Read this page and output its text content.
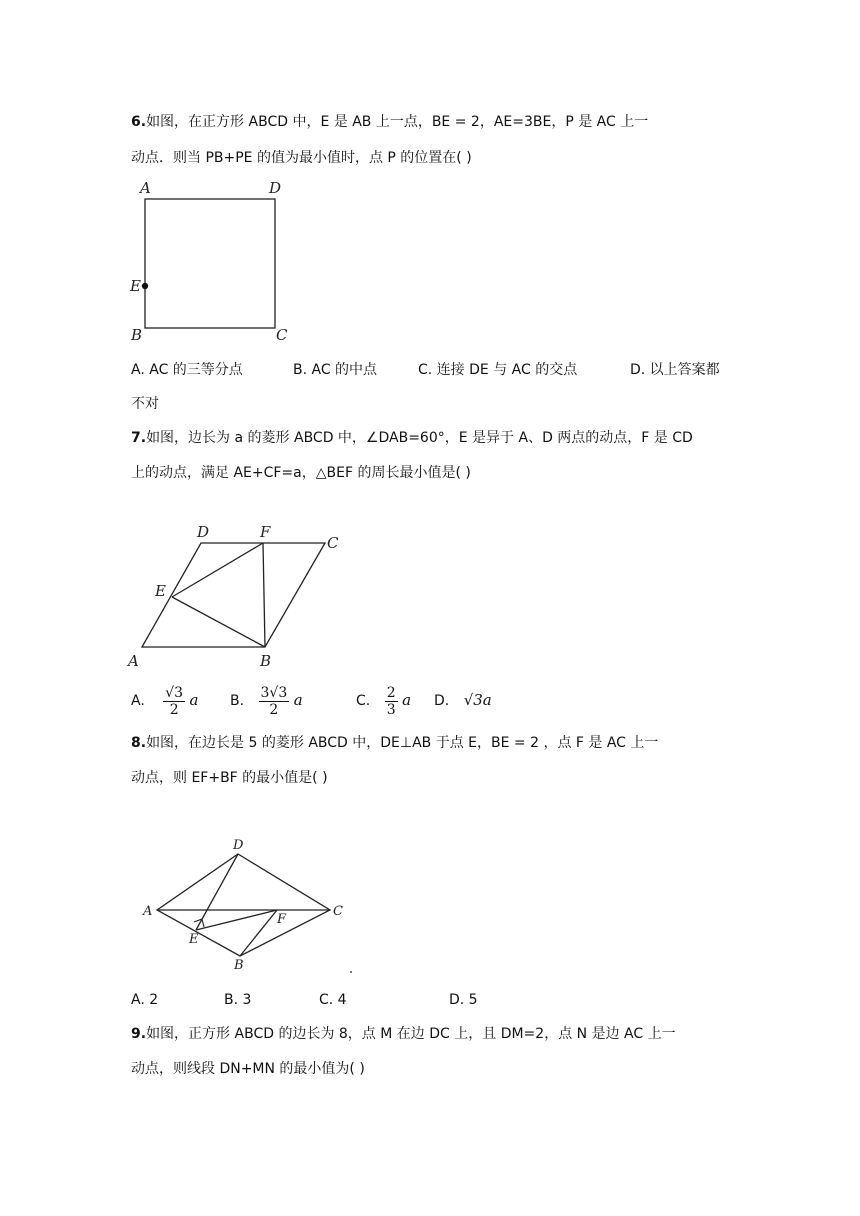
6.如图，在正方形 ABCD 中，E 是 AB 上一点，BE = 2，AE=3BE，P 是 AC 上一
动点．则当 PB+PE 的值为最小值时，点 P 的位置在( )
A	D
E
B	C
A. AC 的三等分点	B. AC 的中点	C. 连接 DE 与 AC 的交点	D. 以上答案都
不对
7.如图，边长为 a 的菱形 ABCD 中，∠DAB=60°，E 是异于 A、D 两点的动点，F 是 CD
上的动点，满足 AE+CF=a，△BEF 的周长最小值是( )
D	F
C
E
A	B
A. $\frac{√3}{2}$ a B. $\frac{3√3}{2}$ a	C. $\frac{2}{3}$ a D. √3a
8.如图，在边长是 5 的菱形 ABCD 中，DE⊥AB 于点 E，BE = 2 ，点 F 是 AC 上一
动点，则 EF+BF 的最小值是( )
D
A	C
F
E
B
A. 2	B. 3	C. 4	D. 5
9.如图，正方形 ABCD 的边长为 8，点 M 在边 DC 上，且 DM=2，点 N 是边 AC 上一
动点，则线段 DN+MN 的最小值为( )
